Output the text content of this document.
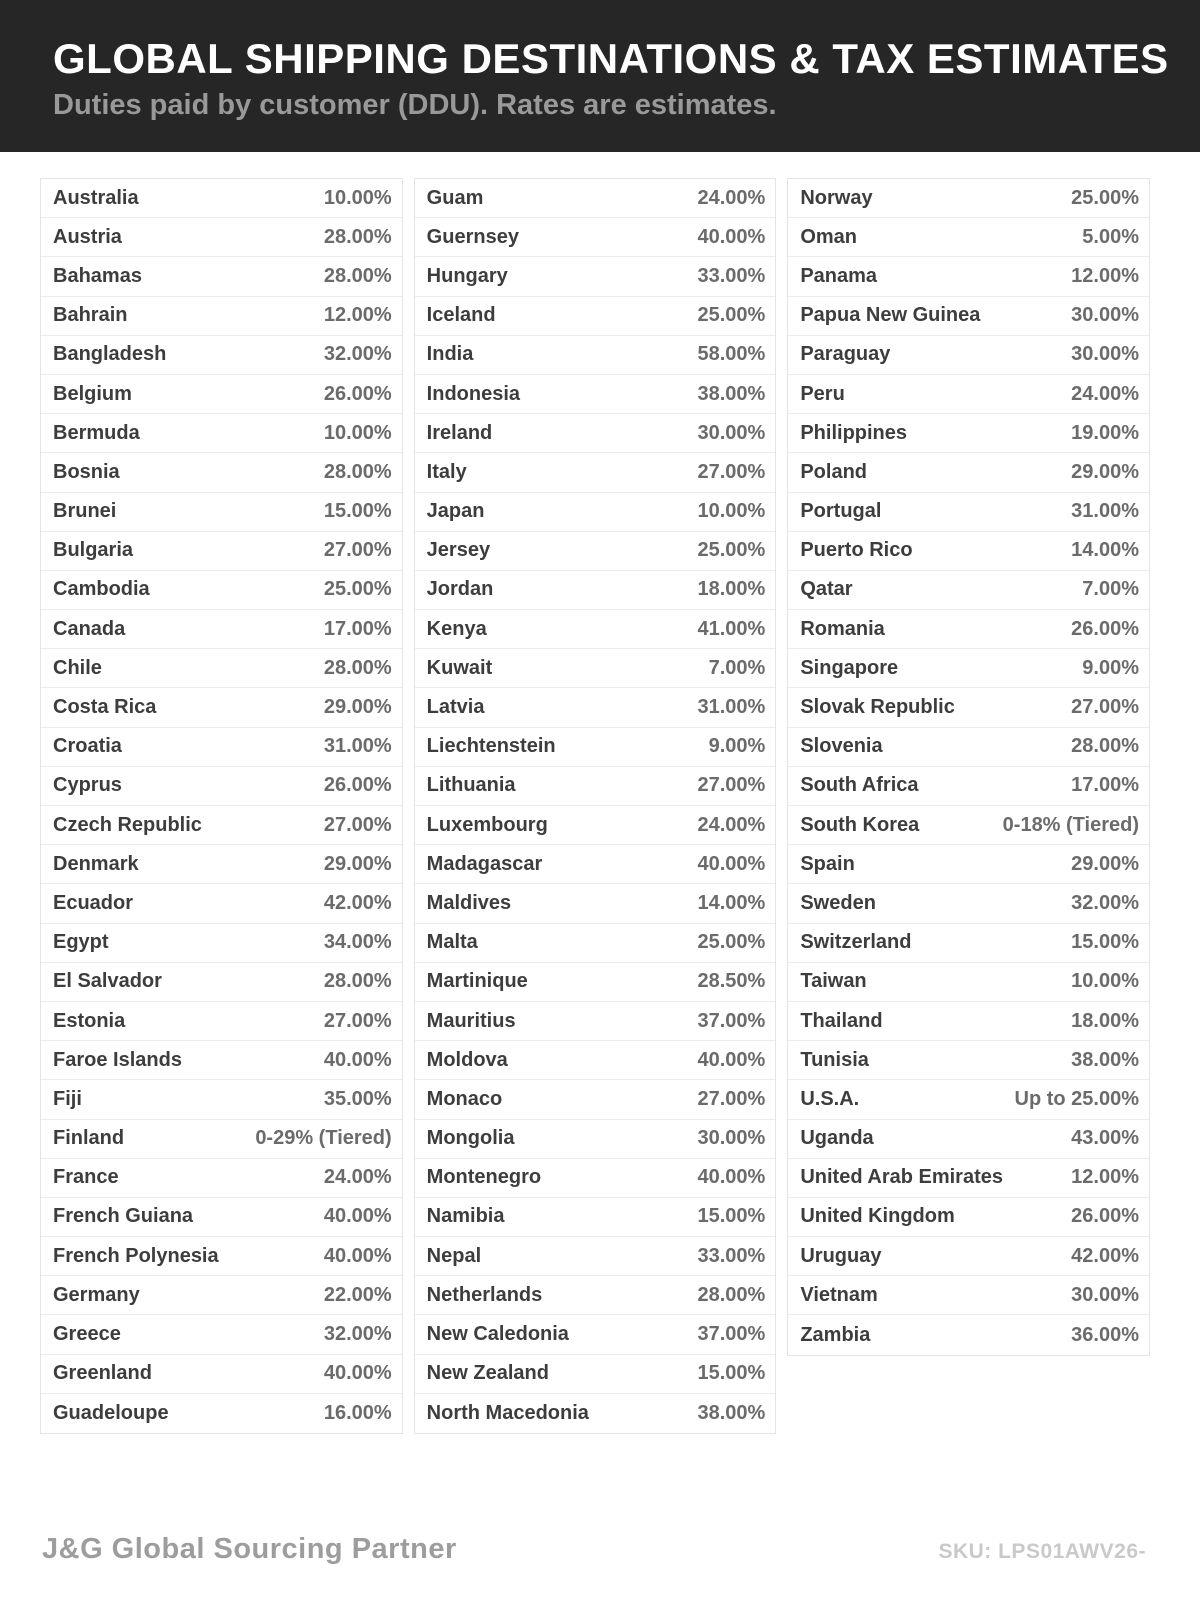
GLOBAL SHIPPING DESTINATIONS & TAX ESTIMATES
Duties paid by customer (DDU). Rates are estimates.
Australia	10.00%
Austria	28.00%
Bahamas	28.00%
Bahrain	12.00%
Bangladesh	32.00%
Belgium	26.00%
Bermuda	10.00%
Bosnia	28.00%
Brunei	15.00%
Bulgaria	27.00%
Cambodia	25.00%
Canada	17.00%
Chile	28.00%
Costa Rica	29.00%
Croatia	31.00%
Cyprus	26.00%
Czech Republic	27.00%
Denmark	29.00%
Ecuador	42.00%
Egypt	34.00%
El Salvador	28.00%
Estonia	27.00%
Faroe Islands	40.00%
Fiji	35.00%
Finland	0-29% (Tiered)
France	24.00%
French Guiana	40.00%
French Polynesia	40.00%
Germany	22.00%
Greece	32.00%
Greenland	40.00%
Guadeloupe	16.00%
Guam	24.00%
Guernsey	40.00%
Hungary	33.00%
Iceland	25.00%
India	58.00%
Indonesia	38.00%
Ireland	30.00%
Italy	27.00%
Japan	10.00%
Jersey	25.00%
Jordan	18.00%
Kenya	41.00%
Kuwait	7.00%
Latvia	31.00%
Liechtenstein	9.00%
Lithuania	27.00%
Luxembourg	24.00%
Madagascar	40.00%
Maldives	14.00%
Malta	25.00%
Martinique	28.50%
Mauritius	37.00%
Moldova	40.00%
Monaco	27.00%
Mongolia	30.00%
Montenegro	40.00%
Namibia	15.00%
Nepal	33.00%
Netherlands	28.00%
New Caledonia	37.00%
New Zealand	15.00%
North Macedonia	38.00%
Norway	25.00%
Oman	5.00%
Panama	12.00%
Papua New Guinea	30.00%
Paraguay	30.00%
Peru	24.00%
Philippines	19.00%
Poland	29.00%
Portugal	31.00%
Puerto Rico	14.00%
Qatar	7.00%
Romania	26.00%
Singapore	9.00%
Slovak Republic	27.00%
Slovenia	28.00%
South Africa	17.00%
South Korea	0-18% (Tiered)
Spain	29.00%
Sweden	32.00%
Switzerland	15.00%
Taiwan	10.00%
Thailand	18.00%
Tunisia	38.00%
U.S.A.	Up to 25.00%
Uganda	43.00%
United Arab Emirates	12.00%
United Kingdom	26.00%
Uruguay	42.00%
Vietnam	30.00%
Zambia	36.00%
J&G Global Sourcing Partner	SKU: LPS01AWV26-
